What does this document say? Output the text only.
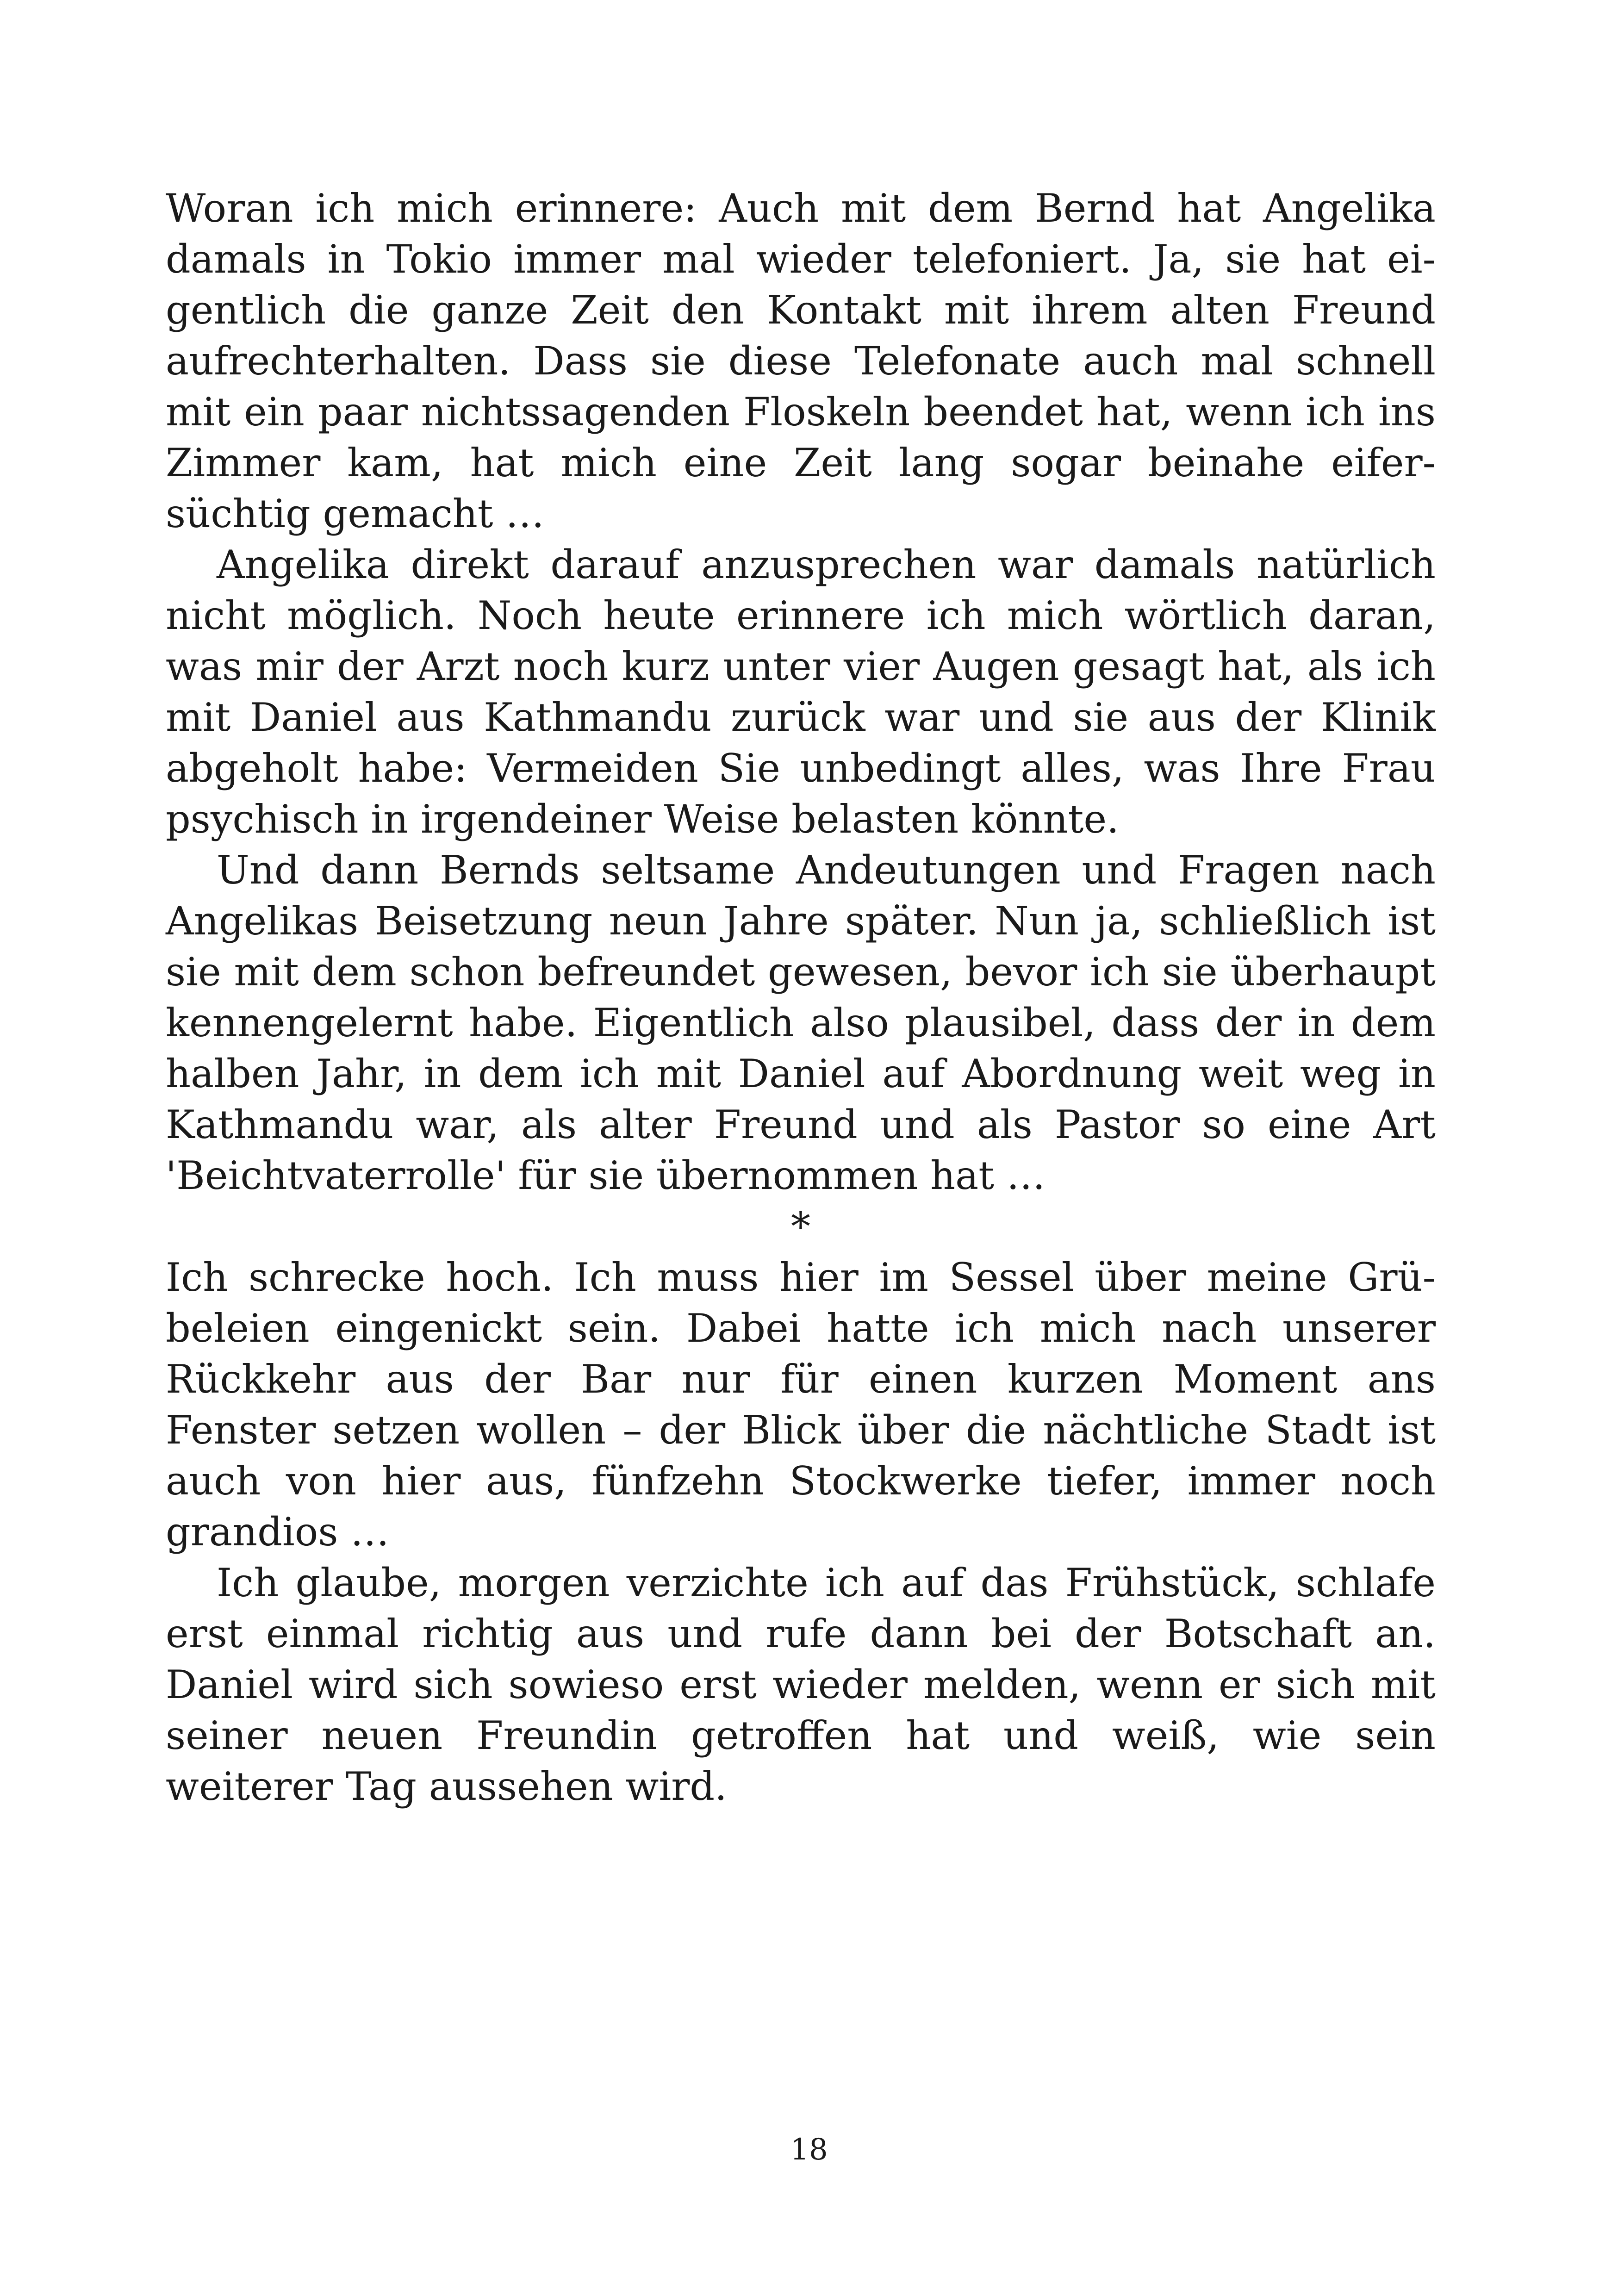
Woran ich mich erinnere: Auch mit dem Bernd hat Angelika damals in Tokio immer mal wieder telefoniert. Ja, sie hat eigentlich die ganze Zeit den Kontakt mit ihrem alten Freund aufrechterhalten. Dass sie diese Telefonate auch mal schnell mit ein paar nichtssagenden Floskeln beendet hat, wenn ich ins Zimmer kam, hat mich eine Zeit lang sogar beinahe eifersüchtig gemacht …

Angelika direkt darauf anzusprechen war damals natürlich nicht möglich. Noch heute erinnere ich mich wörtlich daran, was mir der Arzt noch kurz unter vier Augen gesagt hat, als ich mit Daniel aus Kathmandu zurück war und sie aus der Klinik abgeholt habe: Vermeiden Sie unbedingt alles, was Ihre Frau psychisch in irgendeiner Weise belasten könnte.

Und dann Bernds seltsame Andeutungen und Fragen nach Angelikas Beisetzung neun Jahre später. Nun ja, schließlich ist sie mit dem schon befreundet gewesen, bevor ich sie überhaupt kennengelernt habe. Eigentlich also plausibel, dass der in dem halben Jahr, in dem ich mit Daniel auf Abordnung weit weg in Kathmandu war, als alter Freund und als Pastor so eine Art 'Beichtvaterrolle' für sie übernommen hat …

*

Ich schrecke hoch. Ich muss hier im Sessel über meine Grübeleien eingenickt sein. Dabei hatte ich mich nach unserer Rückkehr aus der Bar nur für einen kurzen Moment ans Fenster setzen wollen – der Blick über die nächtliche Stadt ist auch von hier aus, fünfzehn Stockwerke tiefer, immer noch grandios …

Ich glaube, morgen verzichte ich auf das Frühstück, schlafe erst einmal richtig aus und rufe dann bei der Botschaft an. Daniel wird sich sowieso erst wieder melden, wenn er sich mit seiner neuen Freundin getroffen hat und weiß, wie sein weiterer Tag aussehen wird.

18
